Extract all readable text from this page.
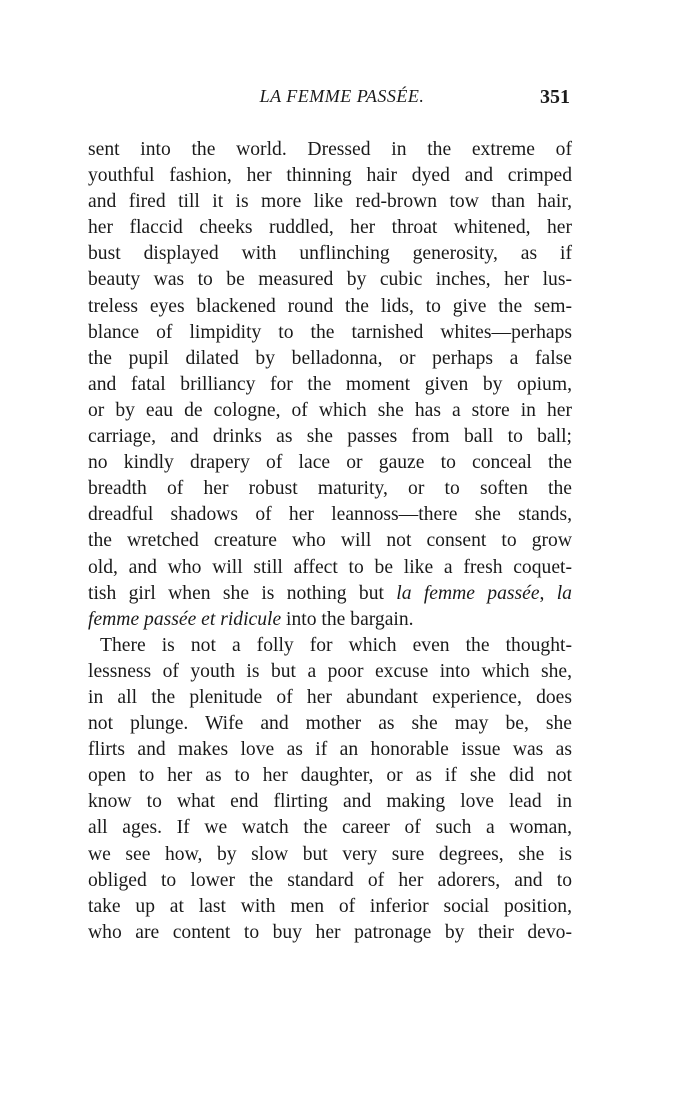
LA FEMME PASSÉE.	351
sent into the world. Dressed in the extreme of
youthful fashion, her thinning hair dyed and crimped
and fired till it is more like red-brown tow than hair,
her flaccid cheeks ruddled, her throat whitened, her
bust displayed with unflinching generosity, as if
beauty was to be measured by cubic inches, her lus-
treless eyes blackened round the lids, to give the sem-
blance of limpidity to the tarnished whites—perhaps
the pupil dilated by belladonna, or perhaps a false
and fatal brilliancy for the moment given by opium,
or by eau de cologne, of which she has a store in her
carriage, and drinks as she passes from ball to ball;
no kindly drapery of lace or gauze to conceal the
breadth of her robust maturity, or to soften the
dreadful shadows of her leannoss—there she stands,
the wretched creature who will not consent to grow
old, and who will still affect to be like a fresh coquet-
tish girl when she is nothing but la femme passée, la
femme passée et ridicule into the bargain.
There is not a folly for which even the thought-
lessness of youth is but a poor excuse into which she,
in all the plenitude of her abundant experience, does
not plunge. Wife and mother as she may be, she
flirts and makes love as if an honorable issue was as
open to her as to her daughter, or as if she did not
know to what end flirting and making love lead in
all ages. If we watch the career of such a woman,
we see how, by slow but very sure degrees, she is
obliged to lower the standard of her adorers, and to
take up at last with men of inferior social position,
who are content to buy her patronage by their devo-
